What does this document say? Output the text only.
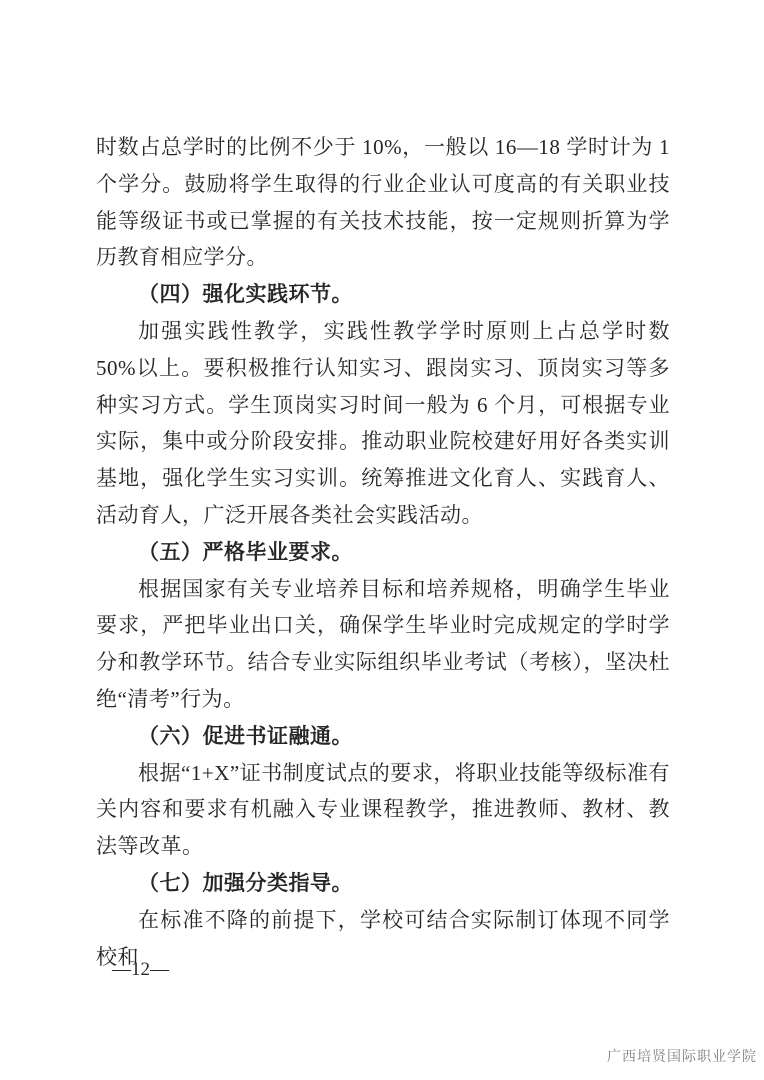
时数占总学时的比例不少于 10%，一般以 16—18 学时计为 1 个学分。鼓励将学生取得的行业企业认可度高的有关职业技能等级证书或已掌握的有关技术技能，按一定规则折算为学历教育相应学分。

（四）强化实践环节。

加强实践性教学，实践性教学学时原则上占总学时数 50%以上。要积极推行认知实习、跟岗实习、顶岗实习等多种实习方式。学生顶岗实习时间一般为 6 个月，可根据专业实际，集中或分阶段安排。推动职业院校建好用好各类实训基地，强化学生实习实训。统筹推进文化育人、实践育人、活动育人，广泛开展各类社会实践活动。

（五）严格毕业要求。

根据国家有关专业培养目标和培养规格，明确学生毕业要求，严把毕业出口关，确保学生毕业时完成规定的学时学分和教学环节。结合专业实际组织毕业考试（考核），坚决杜绝“清考”行为。

（六）促进书证融通。

根据“1+X”证书制度试点的要求，将职业技能等级标准有关内容和要求有机融入专业课程教学，推进教师、教材、教法等改革。

（七）加强分类指导。

在标准不降的前提下，学校可结合实际制订体现不同学校和

—12—
广西培贤国际职业学院
